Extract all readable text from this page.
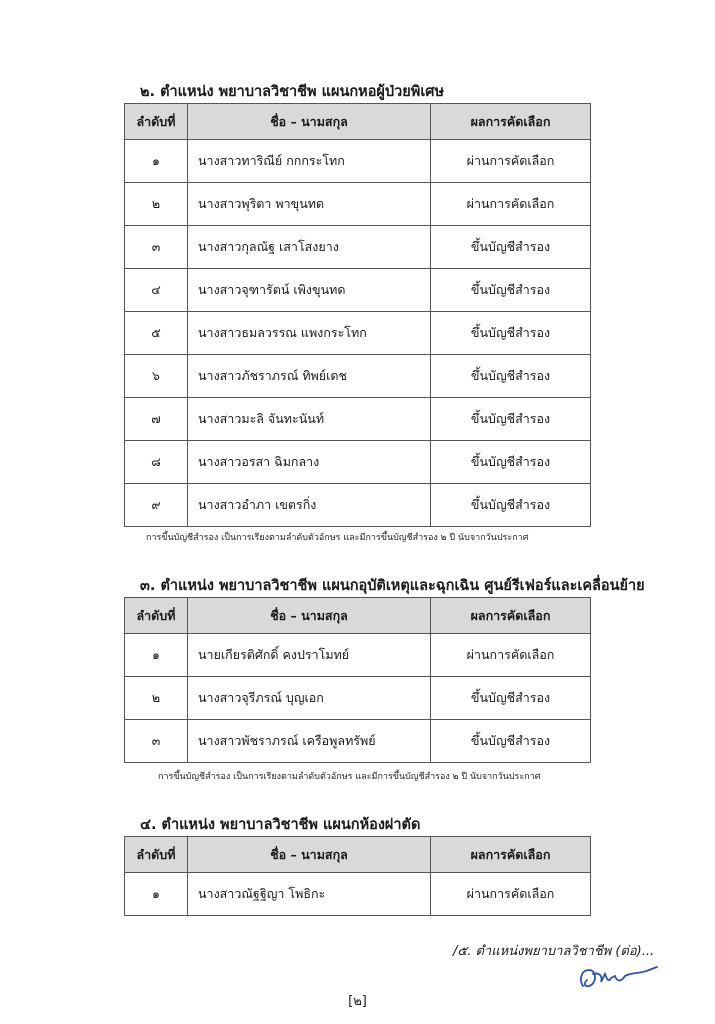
๒. ตำแหน่ง พยาบาลวิชาชีพ แผนกหอผู้ป่วยพิเศษ
ลำดับที่	ชื่อ – นามสกุล	ผลการคัดเลือก
๑	นางสาวทาริณีย์ กกกระโทก	ผ่านการคัดเลือก
๒	นางสาวพุริตา พาขุนทด	ผ่านการคัดเลือก
๓	นางสาวกุลณัฐ เสาโสงยาง	ขึ้นบัญชีสำรอง
๔	นางสาวจุฑารัตน์ เพิงขุนทด	ขึ้นบัญชีสำรอง
๕	นางสาวธมลวรรณ แพงกระโทก	ขึ้นบัญชีสำรอง
๖	นางสาวภัชราภรณ์ ทิพย์เดช	ขึ้นบัญชีสำรอง
๗	นางสาวมะลิ จันทะนันท์	ขึ้นบัญชีสำรอง
๘	นางสาวอรสา ฉิมกลาง	ขึ้นบัญชีสำรอง
๙	นางสาวอำภา เขตรกิ่ง	ขึ้นบัญชีสำรอง
การขึ้นบัญชีสำรอง เป็นการเรียงตามลำดับตัวอักษร และมีการขึ้นบัญชีสำรอง ๒ ปี นับจากวันประกาศ
๓. ตำแหน่ง พยาบาลวิชาชีพ แผนกอุบัติเหตุและฉุกเฉิน ศูนย์รีเฟอร์และเคลื่อนย้าย
ลำดับที่	ชื่อ – นามสกุล	ผลการคัดเลือก
๑	นายเกียรติศักดิ์ คงปราโมทย์	ผ่านการคัดเลือก
๒	นางสาวจุรีภรณ์ บุญเอก	ขึ้นบัญชีสำรอง
๓	นางสาวพัชราภรณ์ เครือพูลทรัพย์	ขึ้นบัญชีสำรอง
การขึ้นบัญชีสำรอง เป็นการเรียงตามลำดับตัวอักษร และมีการขึ้นบัญชีสำรอง ๒ ปี นับจากวันประกาศ
๔. ตำแหน่ง พยาบาลวิชาชีพ แผนกห้องผ่าตัด
ลำดับที่	ชื่อ – นามสกุล	ผลการคัดเลือก
๑	นางสาวณัฐฐิญา โพธิกะ	ผ่านการคัดเลือก
/๕. ตำแหน่งพยาบาลวิชาชีพ (ต่อ)...
[๒]
